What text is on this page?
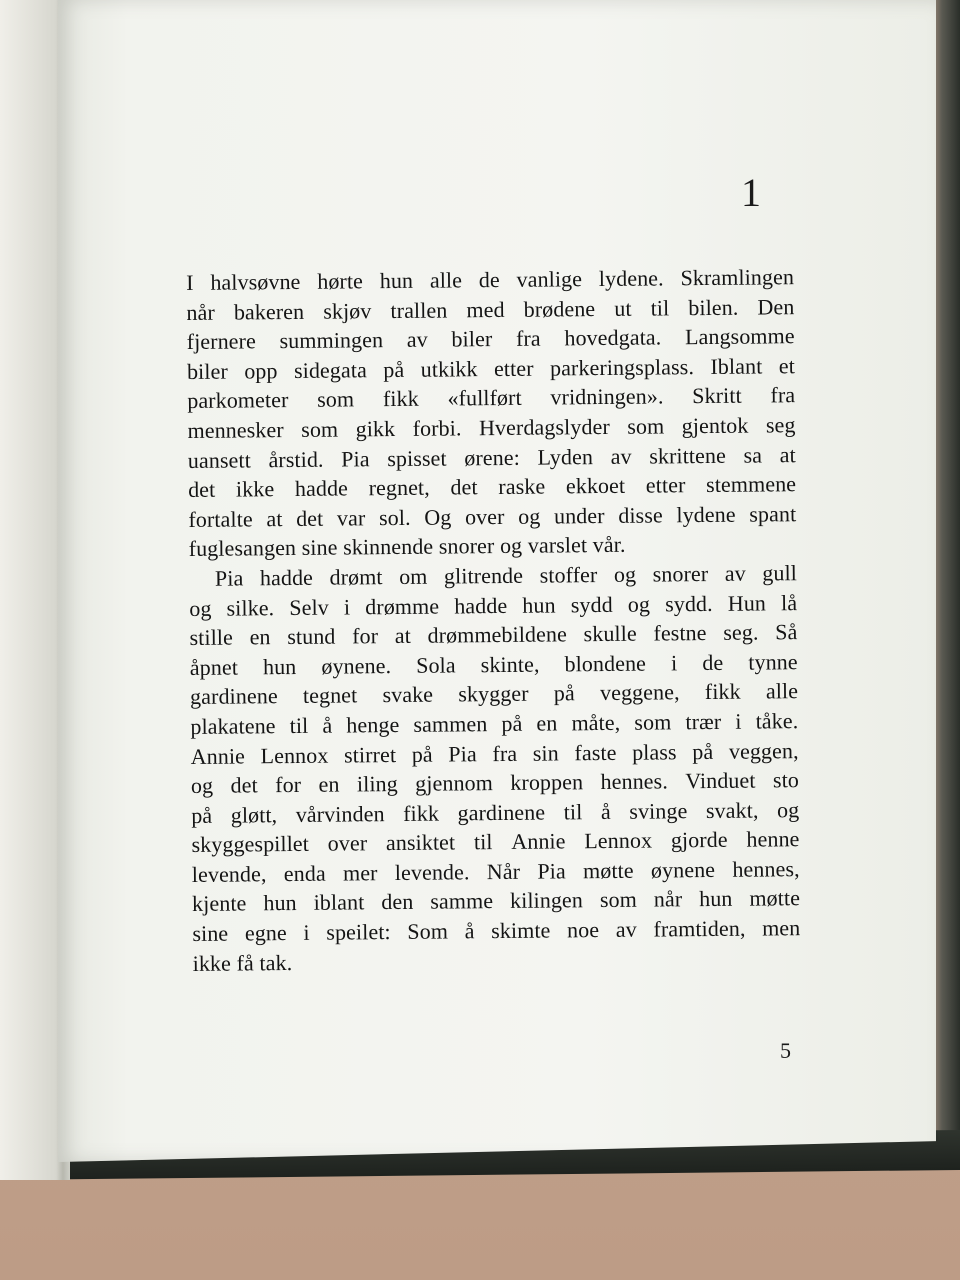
1
I halvsøvne hørte hun alle de vanlige lydene. Skramlingen
når bakeren skjøv trallen med brødene ut til bilen. Den
fjernere summingen av biler fra hovedgata. Langsomme
biler opp sidegata på utkikk etter parkeringsplass. Iblant et
parkometer som fikk «fullført vridningen». Skritt fra
mennesker som gikk forbi. Hverdagslyder som gjentok seg
uansett årstid. Pia spisset ørene: Lyden av skrittene sa at
det ikke hadde regnet, det raske ekkoet etter stemmene
fortalte at det var sol. Og over og under disse lydene spant
fuglesangen sine skinnende snorer og varslet vår.
Pia hadde drømt om glitrende stoffer og snorer av gull
og silke. Selv i drømme hadde hun sydd og sydd. Hun lå
stille en stund for at drømmebildene skulle festne seg. Så
åpnet hun øynene. Sola skinte, blondene i de tynne
gardinene tegnet svake skygger på veggene, fikk alle
plakatene til å henge sammen på en måte, som trær i tåke.
Annie Lennox stirret på Pia fra sin faste plass på veggen,
og det for en iling gjennom kroppen hennes. Vinduet sto
på gløtt, vårvinden fikk gardinene til å svinge svakt, og
skyggespillet over ansiktet til Annie Lennox gjorde henne
levende, enda mer levende. Når Pia møtte øynene hennes,
kjente hun iblant den samme kilingen som når hun møtte
sine egne i speilet: Som å skimte noe av framtiden, men
ikke få tak.
5
